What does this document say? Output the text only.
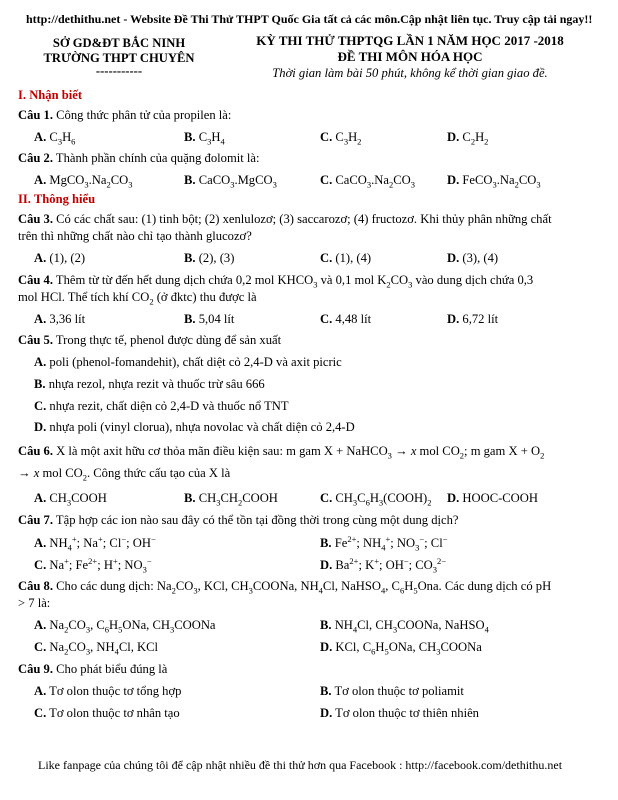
http://dethithu.net - Website Đề Thi Thử THPT Quốc Gia tất cả các môn.Cập nhật liên tục. Truy cập tải ngay!!
SỞ GD&ĐT BẮC NINH
TRƯỜNG THPT CHUYÊN
-----------
KỲ THI THỬ THPTQG LẦN 1 NĂM HỌC 2017 -2018
ĐỀ THI MÔN HÓA HỌC
Thời gian làm bài 50 phút, không kể thời gian giao đề.
I. Nhận biết
Câu 1. Công thức phân tử của propilen là:
A. $C_3H_6$	B. $C_3H_4$	C. $C_3H_2$	D. $C_2H_2$
Câu 2. Thành phần chính của quặng đolomit là:
A. $MgCO_3.Na_2CO_3$	B. CaCO$_3$.MgCO$_3$	C. $CaCO_3.Na_2CO_3$	D. $FeCO_3.Na_2CO_3$
II. Thông hiểu
Câu 3. Có các chất sau: (1) tinh bột; (2) xenlulozơ; (3) saccarozơ; (4) fructozơ. Khi thủy phân những chất
trên thì những chất nào chỉ tạo thành glucozơ?
A. (1), (2)	B. (2), (3)	C. (1), (4)	D. (3), (4)
Câu 4. Thêm từ từ đến hết dung dịch chứa 0,2 mol $KHCO_3$ và 0,1 mol $K_2CO_3$ vào dung dịch chứa 0,3
mol HCl. Thể tích khí $CO_2$ (ở đktc) thu được là
A. 3,36 lít	B. 5,04 lít	C. 4,48 lít	D. 6,72 lít
Câu 5. Trong thực tế, phenol được dùng để sản xuất
A. poli (phenol-fomandehit), chất diệt cỏ 2,4-D và axit picric
B. nhựa rezol, nhựa rezit và thuốc trừ sâu 666
C. nhựa rezit, chất diện cỏ 2,4-D và thuốc nổ TNT
D. nhựa poli (vinyl clorua), nhựa novolac và chất diện cỏ 2,4-D
Câu 6. X là một axit hữu cơ thỏa mãn điều kiện sau: m gam X + NaHCO$_3$ → x mol $CO_2$; m gam $X + O_2$
→ x mol $CO_2$. Công thức cấu tạo của X là
A. $CH_3COOH$	B. $CH_3CH_2COOH$	C. $CH_3C_6H_3(COOH)_2$ D. HOOC-COOH
Câu 7. Tập hợp các ion nào sau đây có thể tồn tại đồng thời trong cùng một dung dịch?
A. $NH_4^+$; Na+; Cl−; OH−	B. $Fe^{2+}$; $NH_4^+$; $NO_3^-$; Cl−
C. Na+; $Fe^{2+}$; H+; $NO_3^-$	D. $Ba^{2+}$; K+; OH−; $CO_3^{2-}$
Câu 8. Cho các dung dịch: $Na_2CO_3$, KCl, $CH_3COONa$, $NH_4Cl$, NaHSO$_4$, $C_6H_5Ona$. Các dung dịch có pH
> 7 là:
A. $Na_2CO_3$, $C_6H_5ONa$, $CH_3COONa$	B. $NH_4Cl$, $CH_3COONa$, NaHSO$_4$
C. $Na_2CO_3$, $NH_4Cl$, KCl	D. KCl, $C_6H_5ONa$, $CH_3COONa$
Câu 9. Cho phát biểu đúng là
A. Tơ olon thuộc tơ tổng hợp	B. Tơ olon thuộc tơ poliamit
C. Tơ olon thuộc tơ nhân tạo	D. Tơ olon thuộc tơ thiên nhiên
Like fanpage của chúng tôi để cập nhật nhiều đề thi thử hơn qua Facebook : http://facebook.com/dethithu.net
